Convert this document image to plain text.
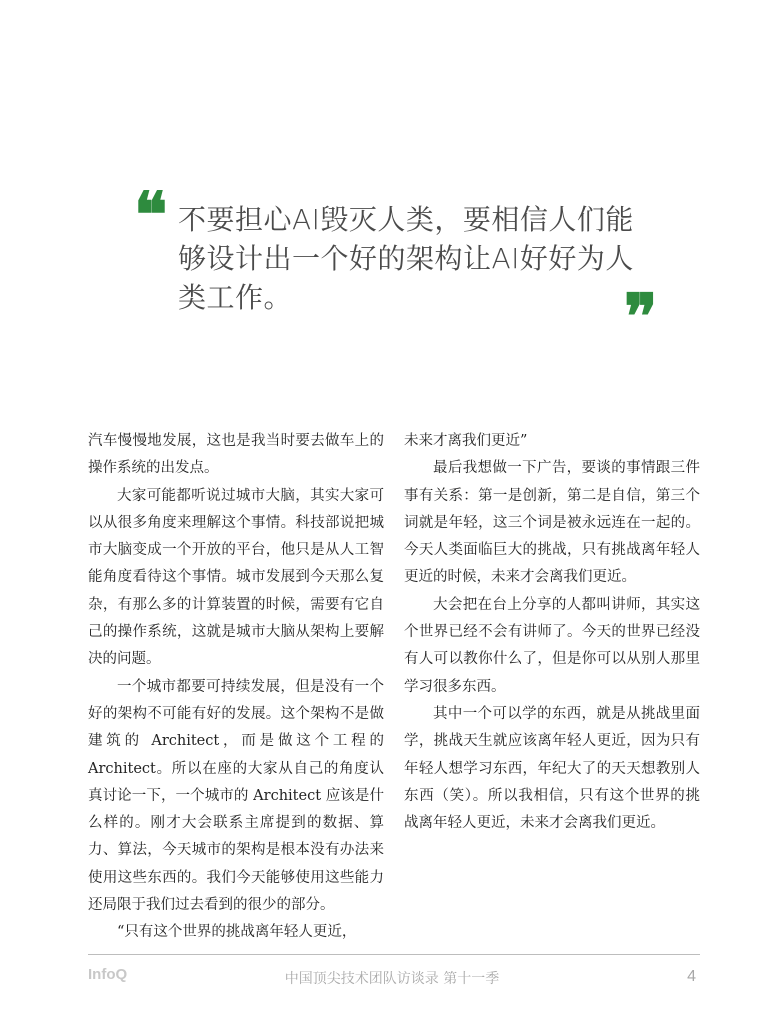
❝ 不要担心AI毁灭人类，要相信人们能够设计出一个好的架构让AI好好为人类工作。	❞

汽车慢慢地发展，这也是我当时要去做车上的操作系统的出发点。

大家可能都听说过城市大脑，其实大家可以从很多角度来理解这个事情。科技部说把城市大脑变成一个开放的平台，他只是从人工智能角度看待这个事情。城市发展到今天那么复杂，有那么多的计算装置的时候，需要有它自己的操作系统，这就是城市大脑从架构上要解决的问题。

一个城市都要可持续发展，但是没有一个好的架构不可能有好的发展。这个架构不是做建筑的 Architect，而是做这个工程的 Architect。所以在座的大家从自己的角度认真讨论一下，一个城市的 Architect 应该是什么样的。刚才大会联系主席提到的数据、算力、算法，今天城市的架构是根本没有办法来使用这些东西的。我们今天能够使用这些能力还局限于我们过去看到的很少的部分。

“只有这个世界的挑战离年轻人更近，

未来才离我们更近”

最后我想做一下广告，要谈的事情跟三件事有关系：第一是创新，第二是自信，第三个词就是年轻，这三个词是被永远连在一起的。今天人类面临巨大的挑战，只有挑战离年轻人更近的时候，未来才会离我们更近。

大会把在台上分享的人都叫讲师，其实这个世界已经不会有讲师了。今天的世界已经没有人可以教你什么了，但是你可以从别人那里学习很多东西。

其中一个可以学的东西，就是从挑战里面学，挑战天生就应该离年轻人更近，因为只有年轻人想学习东西，年纪大了的天天想教别人东西（笑）。所以我相信，只有这个世界的挑战离年轻人更近，未来才会离我们更近。

InfoQ	中国顶尖技术团队访谈录 第十一季	4
